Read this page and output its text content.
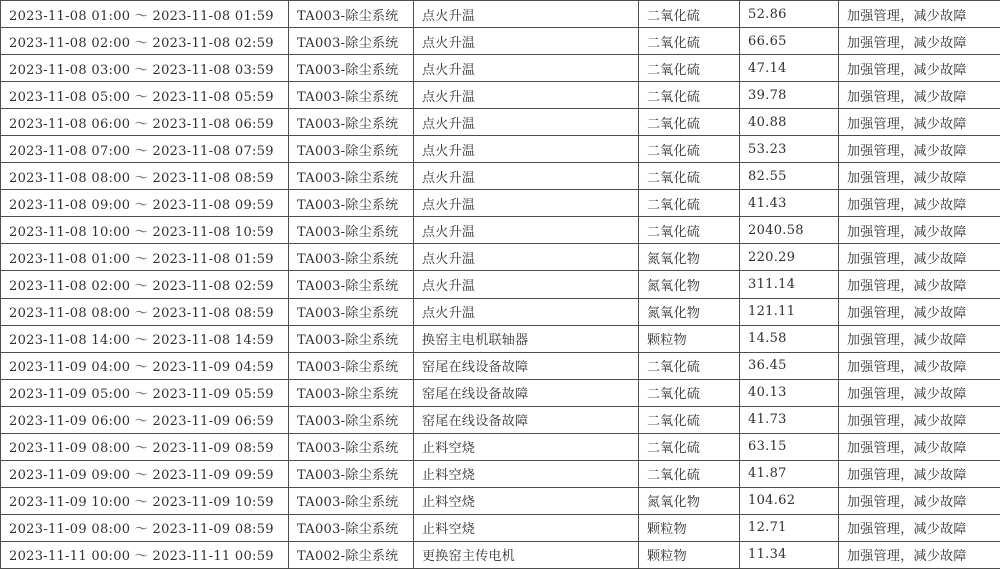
2023-11-08 01:00 ～ 2023-11-08 01:59	TA003-除尘系统	点火升温	二氧化硫	52.86	加强管理，减少故障
2023-11-08 02:00 ～ 2023-11-08 02:59	TA003-除尘系统	点火升温	二氧化硫	66.65	加强管理，减少故障
2023-11-08 03:00 ～ 2023-11-08 03:59	TA003-除尘系统	点火升温	二氧化硫	47.14	加强管理，减少故障
2023-11-08 05:00 ～ 2023-11-08 05:59	TA003-除尘系统	点火升温	二氧化硫	39.78	加强管理，减少故障
2023-11-08 06:00 ～ 2023-11-08 06:59	TA003-除尘系统	点火升温	二氧化硫	40.88	加强管理，减少故障
2023-11-08 07:00 ～ 2023-11-08 07:59	TA003-除尘系统	点火升温	二氧化硫	53.23	加强管理，减少故障
2023-11-08 08:00 ～ 2023-11-08 08:59	TA003-除尘系统	点火升温	二氧化硫	82.55	加强管理，减少故障
2023-11-08 09:00 ～ 2023-11-08 09:59	TA003-除尘系统	点火升温	二氧化硫	41.43	加强管理，减少故障
2023-11-08 10:00 ～ 2023-11-08 10:59	TA003-除尘系统	点火升温	二氧化硫	2040.58	加强管理，减少故障
2023-11-08 01:00 ～ 2023-11-08 01:59	TA003-除尘系统	点火升温	氮氧化物	220.29	加强管理，减少故障
2023-11-08 02:00 ～ 2023-11-08 02:59	TA003-除尘系统	点火升温	氮氧化物	311.14	加强管理，减少故障
2023-11-08 08:00 ～ 2023-11-08 08:59	TA003-除尘系统	点火升温	氮氧化物	121.11	加强管理，减少故障
2023-11-08 14:00 ～ 2023-11-08 14:59	TA003-除尘系统	换窑主电机联轴器	颗粒物	14.58	加强管理，减少故障
2023-11-09 04:00 ～ 2023-11-09 04:59	TA003-除尘系统	窑尾在线设备故障	二氧化硫	36.45	加强管理，减少故障
2023-11-09 05:00 ～ 2023-11-09 05:59	TA003-除尘系统	窑尾在线设备故障	二氧化硫	40.13	加强管理，减少故障
2023-11-09 06:00 ～ 2023-11-09 06:59	TA003-除尘系统	窑尾在线设备故障	二氧化硫	41.73	加强管理，减少故障
2023-11-09 08:00 ～ 2023-11-09 08:59	TA003-除尘系统	止料空烧	二氧化硫	63.15	加强管理，减少故障
2023-11-09 09:00 ～ 2023-11-09 09:59	TA003-除尘系统	止料空烧	二氧化硫	41.87	加强管理，减少故障
2023-11-09 10:00 ～ 2023-11-09 10:59	TA003-除尘系统	止料空烧	氮氧化物	104.62	加强管理，减少故障
2023-11-09 08:00 ～ 2023-11-09 08:59	TA003-除尘系统	止料空烧	颗粒物	12.71	加强管理，减少故障
2023-11-11 00:00 ～ 2023-11-11 00:59	TA002-除尘系统	更换窑主传电机	颗粒物	11.34	加强管理，减少故障
